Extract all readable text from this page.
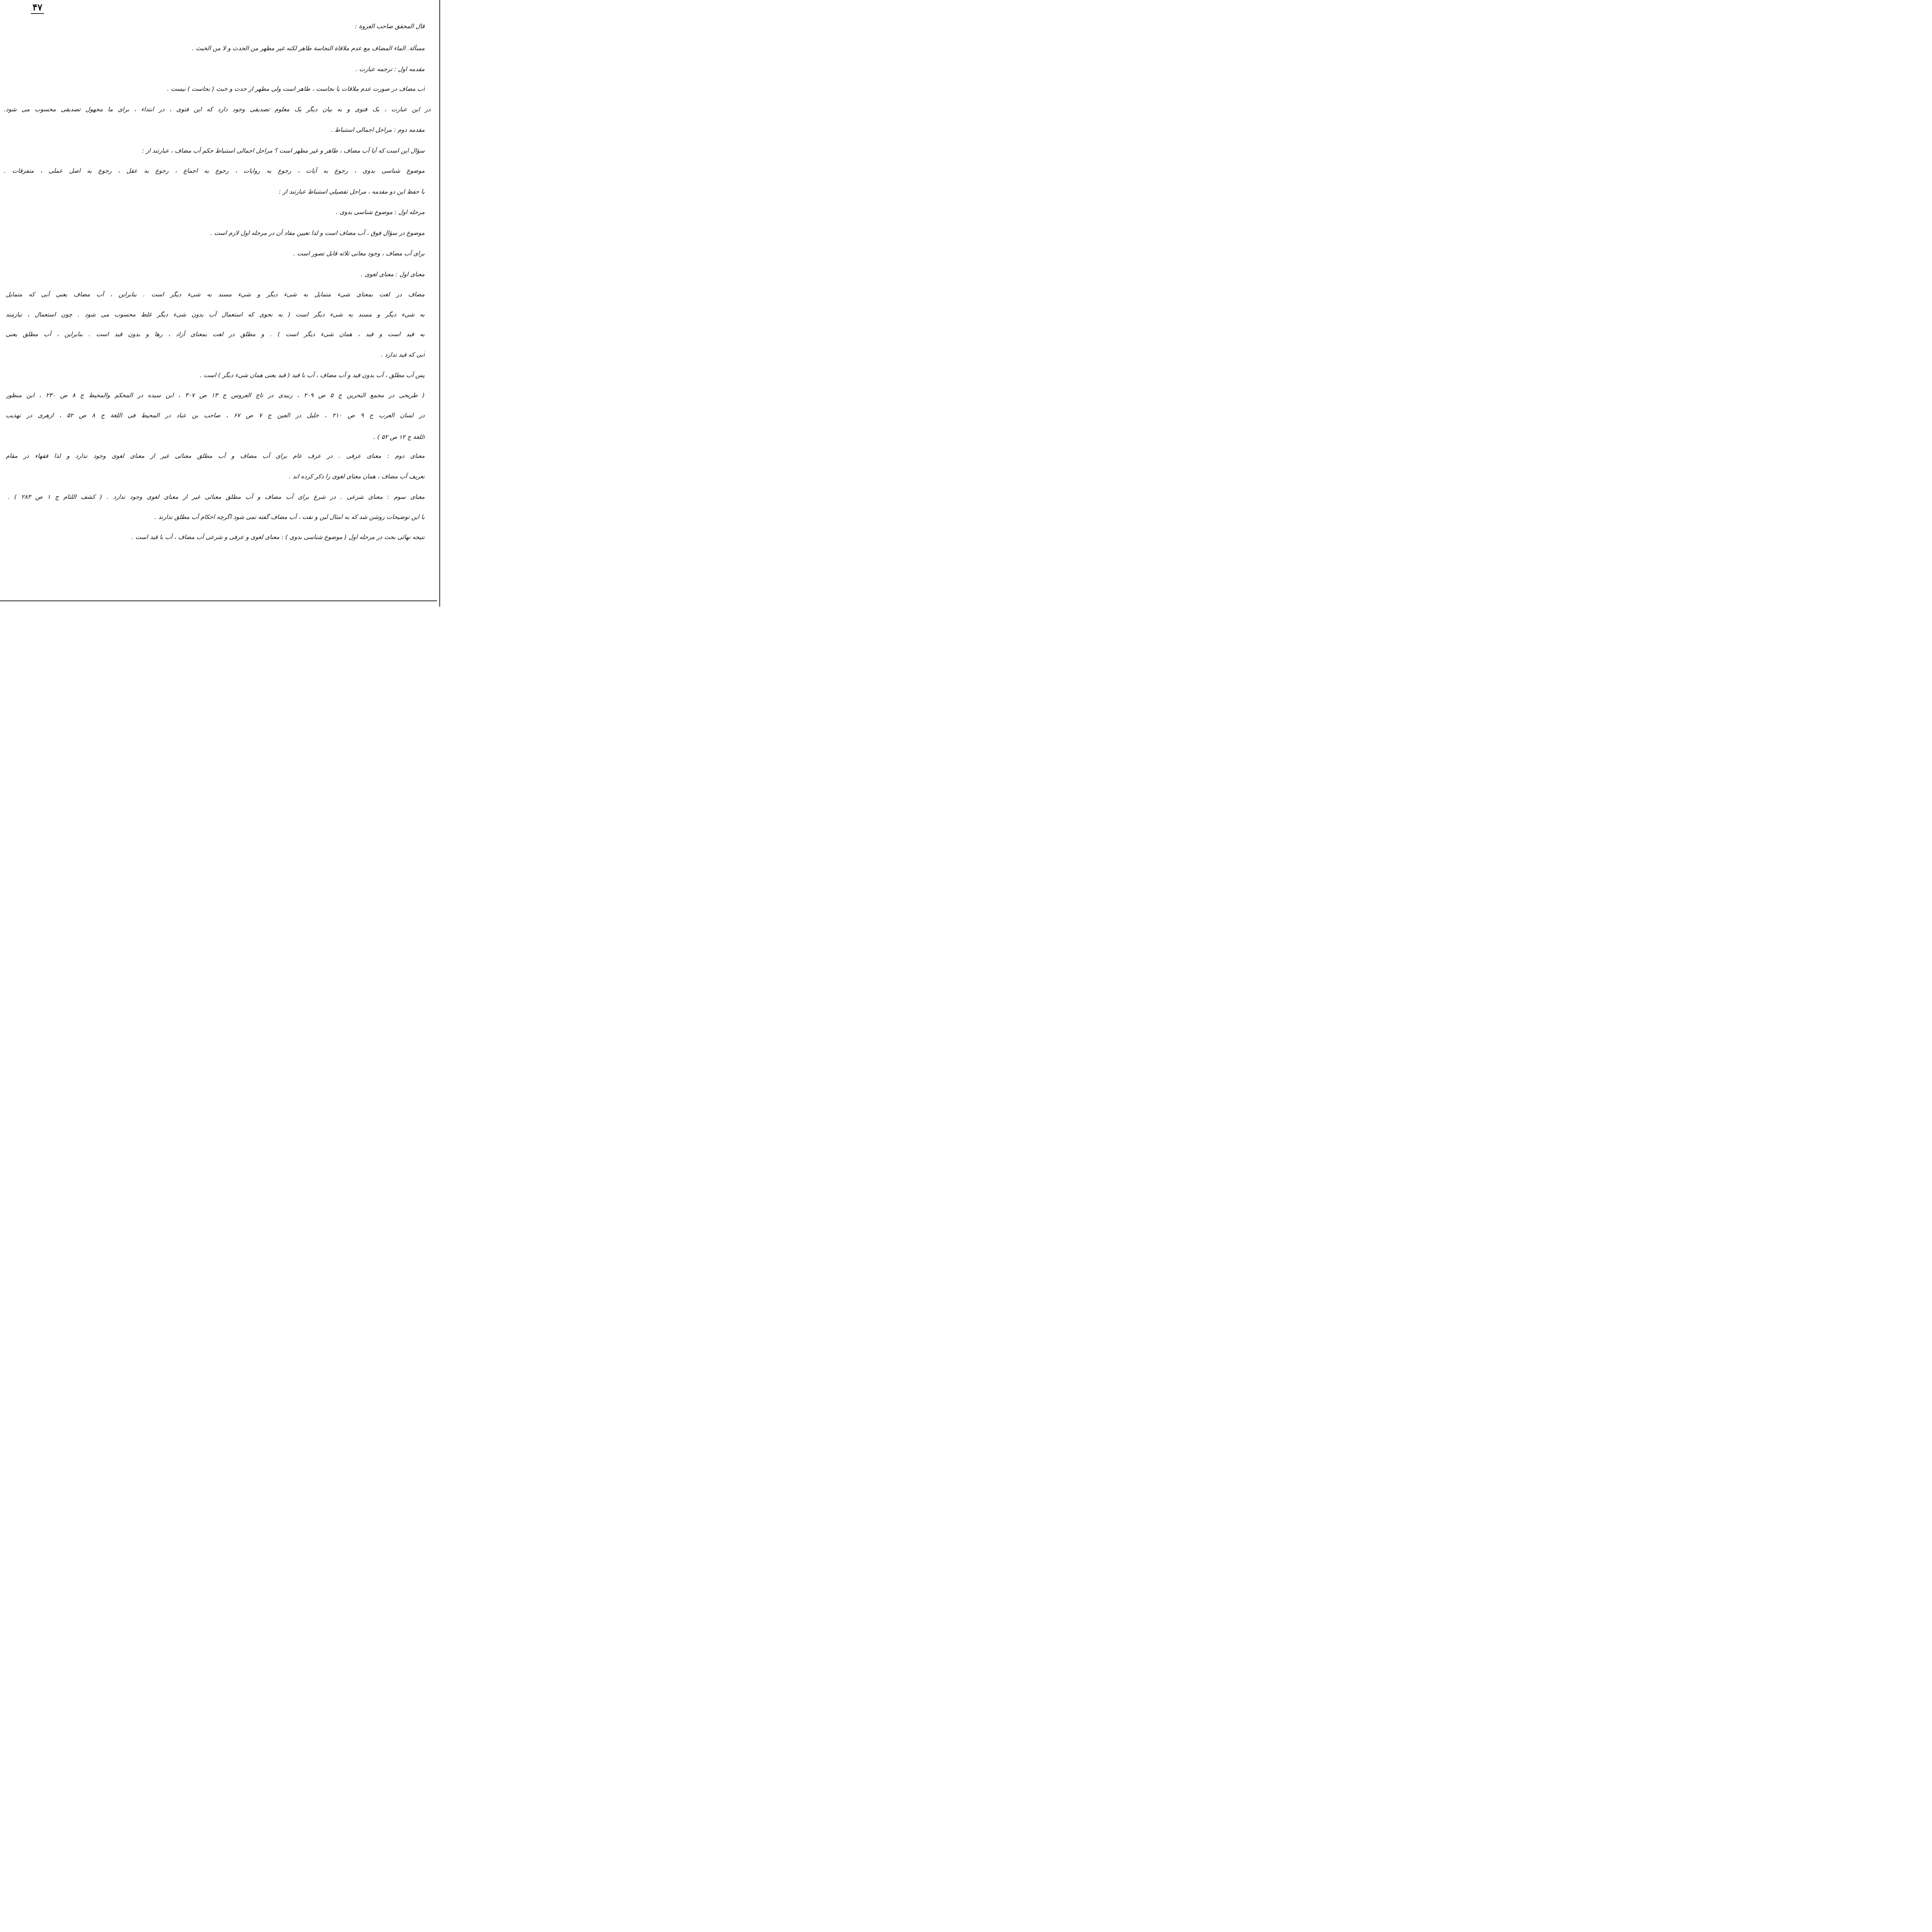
۴۷
قال المحقق صاحب العروة :
مسألة. الماء المضاف مع عدم ملاقاة النجاسة طاهر لكنه غير مطهر من الحدث و لا من الخبث .
مقدمه اول : ترجمه عبارت .
آب مضاف در صورت عدم ملاقات با نجاست ، طاهر است ولی مطهر از حدث و خبث ( نجاست ) نیست .
در این عبارت ، یک فتوی و به بیان دیگر یک معلوم تصدیقی وجود دارد که این فتوی ، در ابتداء ، برای ما مجهول تصدیقی محسوب می شود.
مقدمه دوم : مراحل اجمالی استنباط .
سؤال این است که آیا آب مضاف ، طاهر و غیر مطهر است ؟ مراحل اجمالی استنباط حکم آب مضاف ، عبارتند از :
موضوع شناسی بدوی ، رجوع به آیات ، رجوع به روایات ، رجوع به اجماع ، رجوع به عقل ، رجوع به اصل عملی ، متفرقات .
با حفظ این دو مقدمه ، مراحل تفصیلی استنباط عبارتند از :
مرحله اول : موضوع شناسی بدوی .
موضوع در سؤال فوق ، آب مضاف است و لذا تعیین مفاد آن در مرحله اول لازم است .
برای آب مضاف ، وجود معانی ثلاثه قابل تصور است .
معنای اول : معنای لغوی .
مضاف در لغت بمعنای شیء متمایل به شیء دیگر و شیء مسند به شیء دیگر است . بنابراین ، آب مضاف یعنی آبی که متمایل
به شیء دیگر و مسند به شیء دیگر است ( به نحوی که استعمال آب بدون شیء دیگر غلط محسوب می شود . چون استعمال ، نیازمند
به قید است و قید ، همان شیء دیگر است ) . و مطلق در لغت بمعنای آزاد ، رها و بدون قید است . بنابراین ، آب مطلق یعنی
آبی که قید ندارد .
پس آب مطلق ، آب بدون قید و آب مضاف ، آب با قید ( قید یعنی همان شیء دیگر ) است .
( طریحی در مجمع البحرین ج ۵ ص ۲۰۹ ، زبیدی در تاج العروس ج ۱۳ ص ۳۰۷ ، ابن سیده در المحکم والمحیط ج ۸ ص ۲۳۰ ، ابن منظور
در لسان العرب ج ۹ ص ۲۱۰ ، خلیل در العین ج ۷ ص ۶۷ ، صاحب بن عباد در المحیط فی اللغة ج ۸ ص ۵۲ ، ازهری در تهذیب
اللغة ج ۱۲ ص ۵۲ ) .
معنای دوم : معنای عرفی . در عرف عام برای آب مضاف و آب مطلق معنائی غیر از معنای لغوی وجود ندارد و لذا فقهاء در مقام
تعریف آب مضاف ، همان معنای لغوی را ذکر کرده اند .
معنای سوم : معنای شرعی . در شرع برای آب مضاف و آب مطلق معنائی غیر از معنای لغوی وجود ندارد . ( کشف اللثام ج ۱ ص ۲۸۳ ) .
با این توضیحات روشن شد که به امثال لبن و نفت ، آب مضاف گفته نمی شود اگرچه احکام آب مطلق ندارند .
نتیجه نهائی بحث در مرحله اول ( موضوع شناسی بدوی ) : معنای لغوی و عرفی و شرعی آب مضاف ، آب با قید است .
